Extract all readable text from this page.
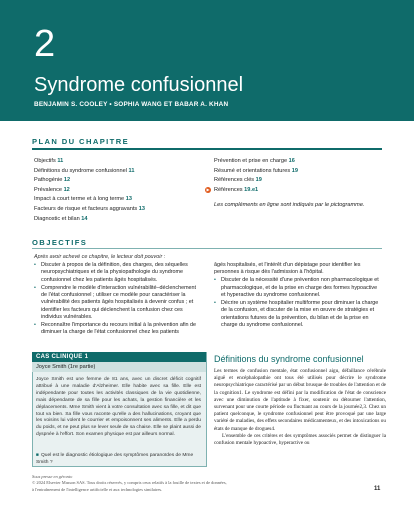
2
Syndrome confusionnel
BENJAMIN S. COOLEY • SOPHIA WANG ET BABAR A. KHAN
PLAN DU CHAPITRE
Objectifs 11
Définitions du syndrome confusionnel 11
Pathogénie 12
Prévalence 12
Impact à court terme et à long terme 13
Facteurs de risque et facteurs aggravants 13
Diagnostic et bilan 14
Prévention et prise en charge 16
Résumé et orientations futures 19
Références clés 19
▶ Références 19.e1
Les compléments en ligne sont indiqués par le pictogramme.
OBJECTIFS
Après avoir achevé ce chapitre, le lecteur doit pouvoir :
• Discuter à propos de la définition, des charges, des séquelles neuropsychiatriques et de la physiopathologie du syndrome confusionnel chez les patients âgés hospitalisés.
• Comprendre le modèle d'interaction vulnérabilité–déclenchement de l'état confusionnel ; utiliser ce modèle pour caractériser la vulnérabilité des patients âgés hospitalisés à devenir confus ; et identifier les facteurs qui déclenchent la confusion chez ces individus vulnérables.
• Reconnaître l'importance du recours initial à la prévention afin de diminuer la charge de l'état confusionnel chez les patients
âgés hospitalisés, et l'intérêt d'un dépistage pour identifier les personnes à risque dès l'admission à l'hôpital.
• Discuter de la nécessité d'une prévention non pharmacologique et pharmacologique, et de la prise en charge des formes hypoactive et hyperactive du syndrome confusionnel.
• Décrire un système hospitalier multiforme pour diminuer la charge de la confusion, et discuter de la mise en œuvre de stratégies et orientations futures de la prévention, du bilan et de la prise en charge du syndrome confusionnel.
CAS CLINIQUE 1
Joyce Smith (1re partie)
Joyce Smith est une femme de 81 ans, avec un discret déficit cognitif attribué à une maladie d'Alzheimer. Elle habite avec sa fille. Elle est indépendante pour toutes les activités classiques de la vie quotidienne, mais dépendante de sa fille pour les achats, la gestion financière et les déplacements. Mme Smith vient à votre consultation avec sa fille, et dit que tout va bien. Sa fille vous raconte qu'elle a des hallucinations, croyant que les voisins lui volent le courrier et empoisonnent ses aliments. Elle a perdu du poids, et ne peut plus se lever seule de sa chaise. Elle se plaint aussi de dyspnée à l'effort. Son examen physique est par ailleurs normal.
■ Quel est le diagnostic étiologique des symptômes paranoïdes de Mme Smith ?
Définitions du syndrome confusionnel

Les termes de confusion mentale, état confusionnel aigu, défaillance cérébrale aiguë et encéphalopathie ont tous été utilisés pour décrire le syndrome neuropsychiatrique caractérisé par un début brusque de troubles de l'attention et de la cognition1. Le syndrome est défini par la modification de l'état de conscience avec une diminution de l'aptitude à fixer, soutenir ou détourner l'attention, survenant pour une courte période ou fluctuant au cours de la journée2,3. Chez un patient quelconque, le syndrome confusionnel peut être provoqué par une large variété de maladies, des effets secondaires médicamenteux, et des intoxications ou états de manque de drogues4.

L'ensemble de ces critères et des symptômes associés permet de distinguer la confusion mentale hypoactive, hyperactive ou

Sous presse en géronto
© 2024 Elsevier Masson SAS. Tous droits réservés, y compris ceux relatifs à la fouille de textes et de données,
à l'entraînement de l'intelligence artificielle et aux technologies similaires.	11
